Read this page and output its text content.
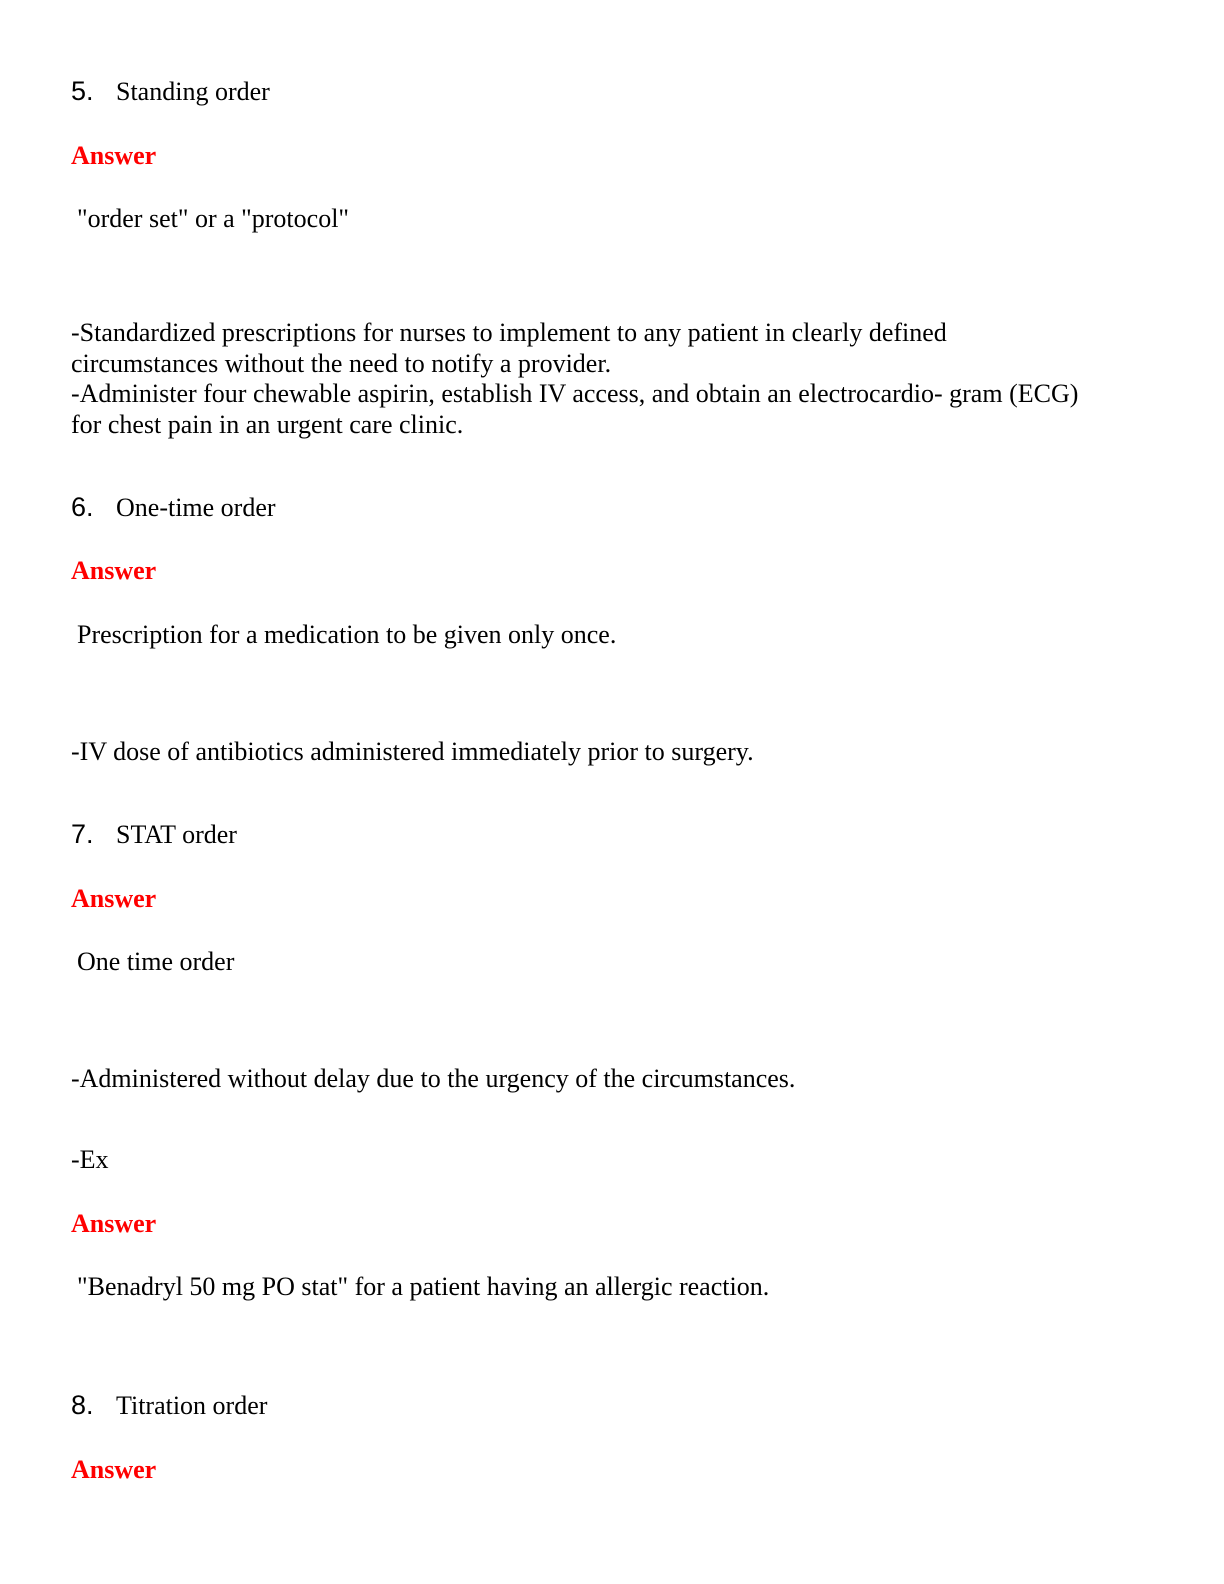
5. Standing order
Answer
"order set" or a "protocol"
-Standardized prescriptions for nurses to implement to any patient in clearly defined
circumstances without the need to notify a provider.
-Administer four chewable aspirin, establish IV access, and obtain an electrocardio- gram (ECG)
for chest pain in an urgent care clinic.
6. One-time order
Answer
Prescription for a medication to be given only once.
-IV dose of antibiotics administered immediately prior to surgery.
7. STAT order
Answer
One time order
-Administered without delay due to the urgency of the circumstances.
-Ex
Answer
"Benadryl 50 mg PO stat" for a patient having an allergic reaction.
8. Titration order
Answer
